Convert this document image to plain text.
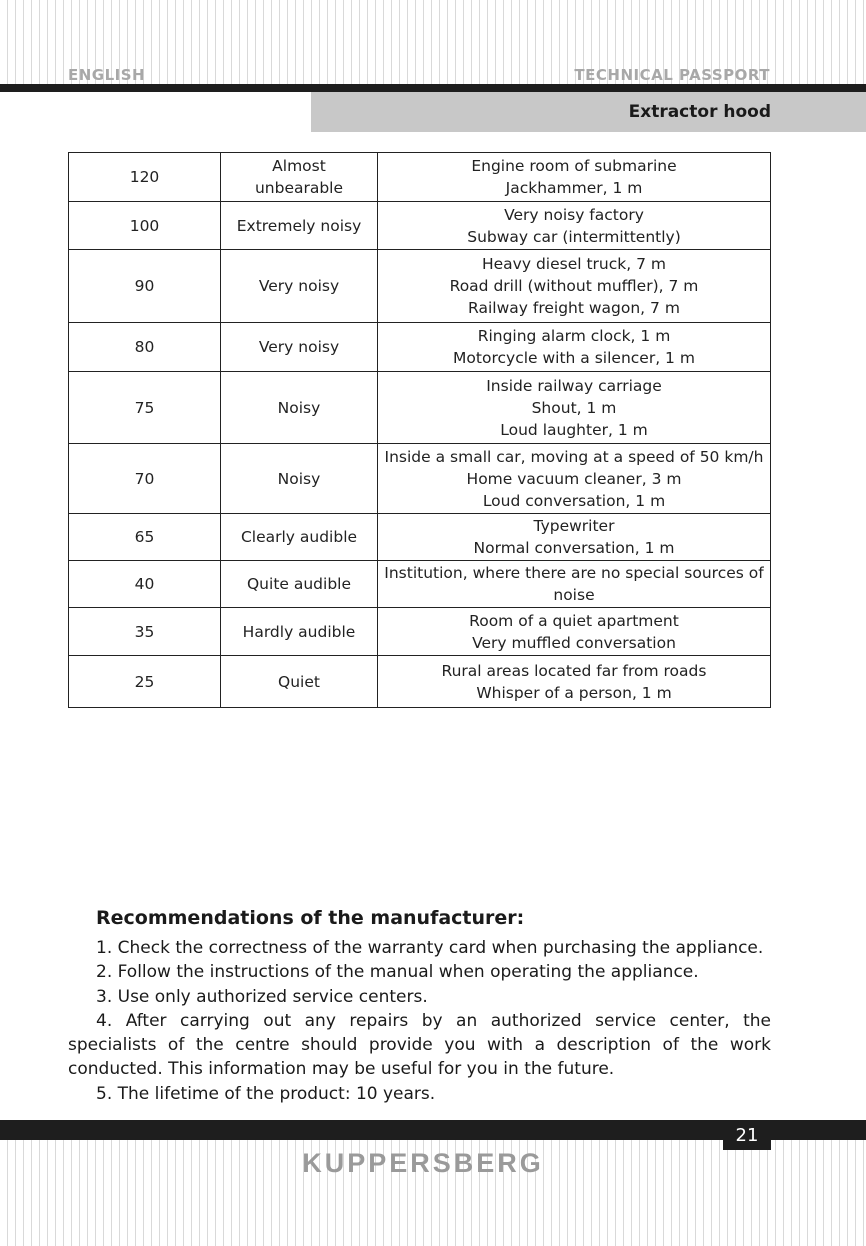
ENGLISH	TECHNICAL PASSPORT
Extractor hood
120	Almost unbearable	Engine room of submarine
Jackhammer, 1 m

100	Extremely noisy	Very noisy factory
Subway car (intermittently)

90	Very noisy	Heavy diesel truck, 7 m
Road drill (without muffler), 7 m
Railway freight wagon, 7 m

80	Very noisy	Ringing alarm clock, 1 m
Motorcycle with a silencer, 1 m

75	Noisy	Inside railway carriage
Shout, 1 m
Loud laughter, 1 m

70	Noisy	Inside a small car, moving at a speed of 50 km/h
Home vacuum cleaner, 3 m
Loud conversation, 1 m

65	Clearly audible	Typewriter
Normal conversation, 1 m

40	Quite audible	Institution, where there are no special sources of noise

35	Hardly audible	Room of a quiet apartment
Very muffled conversation

25	Quiet	Rural areas located far from roads
Whisper of a person, 1 m
Recommendations of the manufacturer:

1. Check the correctness of the warranty card when purchasing the appliance.

2. Follow the instructions of the manual when operating the appliance.

3. Use only authorized service centers.

4. After carrying out any repairs by an authorized service center, the specialists of the centre should provide you with a description of the work conducted. This information may be useful for you in the future.

5. The lifetime of the product: 10 years.

21
KUPPERSBERG
